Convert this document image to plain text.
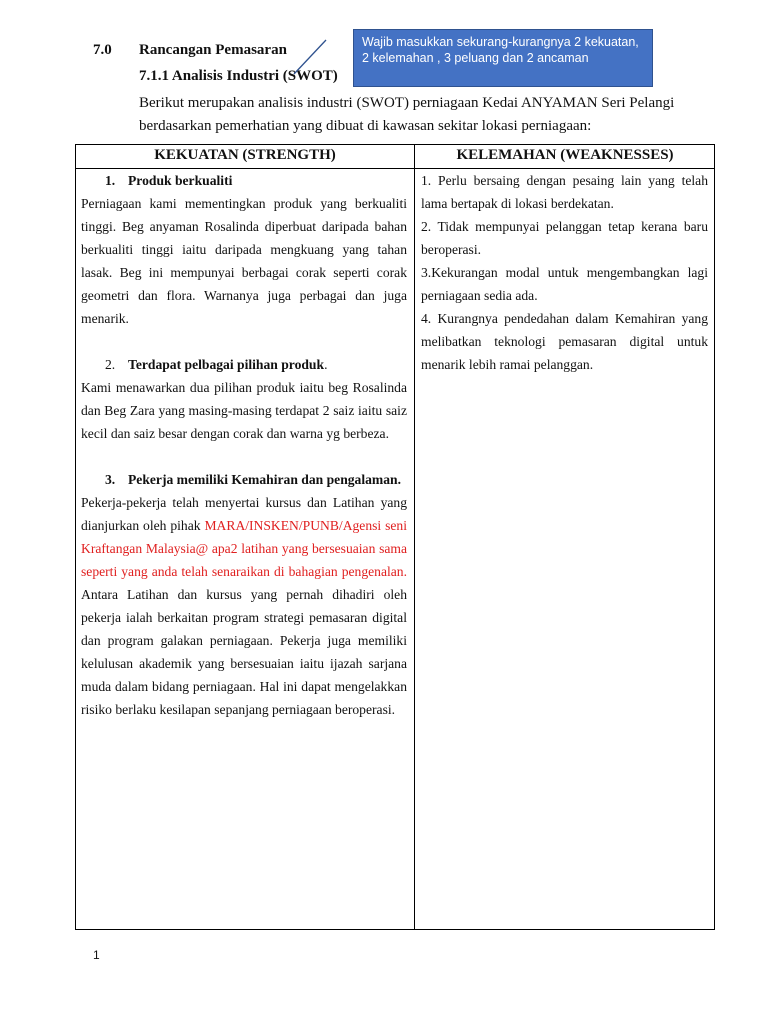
7.0 Rancangan Pemasaran
7.1.1 Analisis Industri (SWOT)
Berikut merupakan analisis industri (SWOT) perniagaan Kedai ANYAMAN Seri Pelangi berdasarkan pemerhatian yang dibuat di kawasan sekitar lokasi perniagaan:
Wajib masukkan sekurang-kurangnya 2 kekuatan, 2 kelemahan , 3 peluang dan 2 ancaman
KEKUATAN (STRENGTH)	KELEMAHAN (WEAKNESSES)
1. Produk berkualiti

Perniagaan kami mementingkan produk yang berkualiti tinggi. Beg anyaman Rosalinda diperbuat daripada bahan berkualiti tinggi iaitu daripada mengkuang yang tahan lasak. Beg ini mempunyai berbagai corak seperti corak geometri dan flora. Warnanya juga perbagai dan juga menarik.

2. Terdapat pelbagai pilihan produk.

Kami menawarkan dua pilihan produk iaitu beg Rosalinda dan Beg Zara yang masing-masing terdapat 2 saiz iaitu saiz kecil dan saiz besar dengan corak dan warna yg berbeza.

3. Pekerja memiliki Kemahiran dan pengalaman.

Pekerja-pekerja telah menyertai kursus dan Latihan yang dianjurkan oleh pihak MARA/INSKEN/PUNB/Agensi seni Kraftangan Malaysia@ apa2 latihan yang bersesuaian sama seperti yang anda telah senaraikan di bahagian pengenalan. Antara Latihan dan kursus yang pernah dihadiri oleh pekerja ialah berkaitan program strategi pemasaran digital dan program galakan perniagaan. Pekerja juga memiliki kelulusan akademik yang bersesuaian iaitu ijazah sarjana muda dalam bidang perniagaan. Hal ini dapat mengelakkan risiko berlaku kesilapan sepanjang perniagaan beroperasi.

1. Perlu bersaing dengan pesaing lain yang telah lama bertapak di lokasi berdekatan.

2. Tidak mempunyai pelanggan tetap kerana baru beroperasi.

3.Kekurangan modal untuk mengembangkan lagi perniagaan sedia ada.

4. Kurangnya pendedahan dalam Kemahiran yang melibatkan teknologi pemasaran digital untuk menarik lebih ramai pelanggan.

1
